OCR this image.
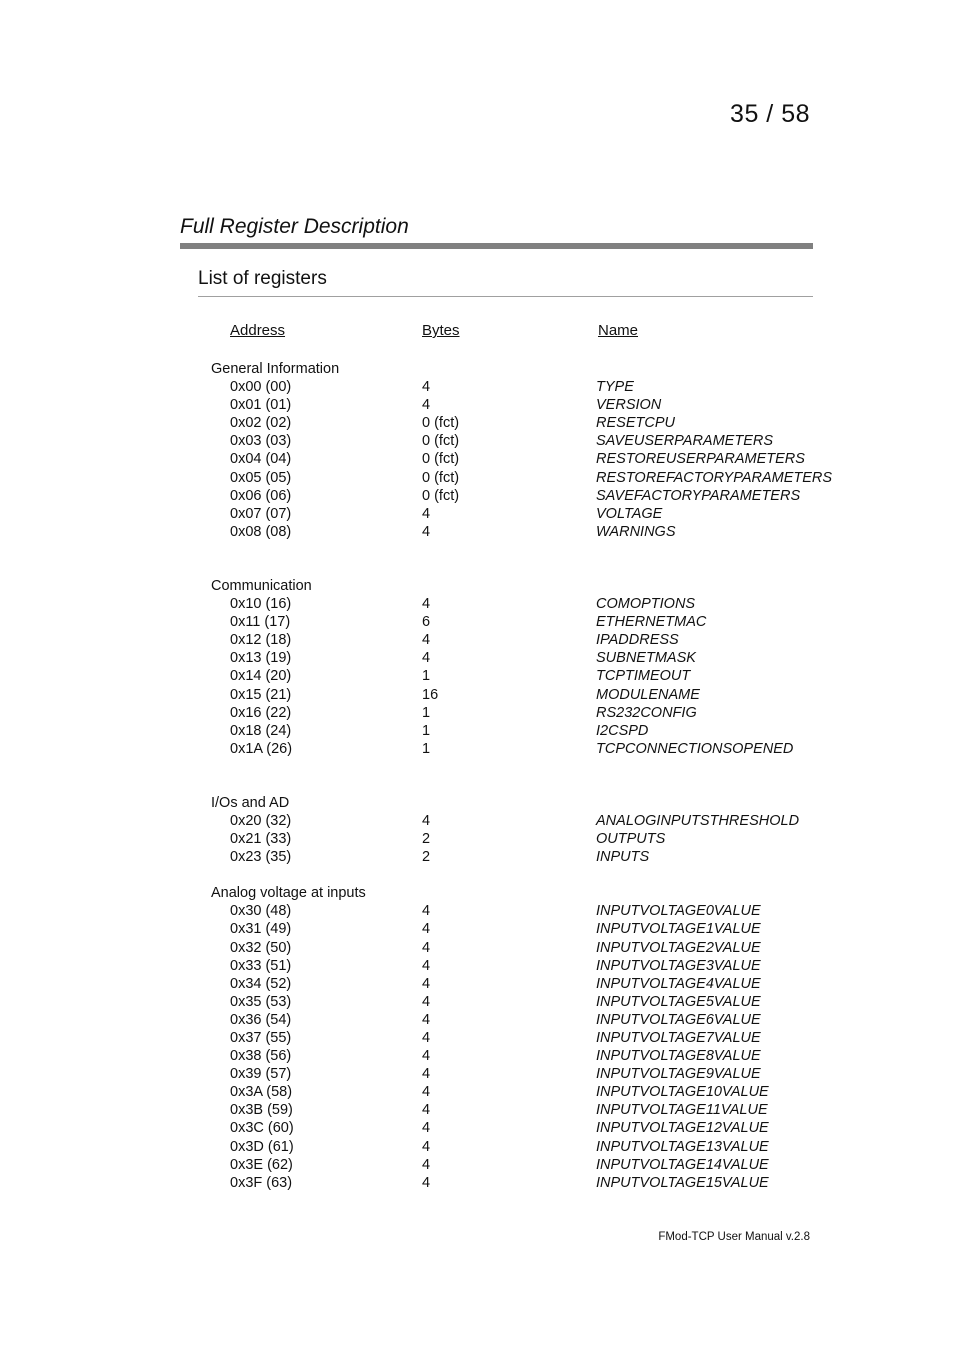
35 / 58
Full Register Description
List of registers
Address	Bytes	Name
General Information
0x00 (00)	4	TYPE
0x01 (01)	4	VERSION
0x02 (02)	0 (fct)	RESETCPU
0x03 (03)	0 (fct)	SAVEUSERPARAMETERS
0x04 (04)	0 (fct)	RESTOREUSERPARAMETERS
0x05 (05)	0 (fct)	RESTOREFACTORYPARAMETERS
0x06 (06)	0 (fct)	SAVEFACTORYPARAMETERS
0x07 (07)	4	VOLTAGE
0x08 (08)	4	WARNINGS
Communication
0x10 (16)	4	COMOPTIONS
0x11 (17)	6	ETHERNETMAC
0x12 (18)	4	IPADDRESS
0x13 (19)	4	SUBNETMASK
0x14 (20)	1	TCPTIMEOUT
0x15 (21)	16	MODULENAME
0x16 (22)	1	RS232CONFIG
0x18 (24)	1	I2CSPD
0x1A (26)	1	TCPCONNECTIONSOPENED
I/Os and AD
0x20 (32)	4	ANALOGINPUTSTHRESHOLD
0x21 (33)	2	OUTPUTS
0x23 (35)	2	INPUTS
Analog voltage at inputs
0x30 (48)	4	INPUTVOLTAGE0VALUE
0x31 (49)	4	INPUTVOLTAGE1VALUE
0x32 (50)	4	INPUTVOLTAGE2VALUE
0x33 (51)	4	INPUTVOLTAGE3VALUE
0x34 (52)	4	INPUTVOLTAGE4VALUE
0x35 (53)	4	INPUTVOLTAGE5VALUE
0x36 (54)	4	INPUTVOLTAGE6VALUE
0x37 (55)	4	INPUTVOLTAGE7VALUE
0x38 (56)	4	INPUTVOLTAGE8VALUE
0x39 (57)	4	INPUTVOLTAGE9VALUE
0x3A (58)	4	INPUTVOLTAGE10VALUE
0x3B (59)	4	INPUTVOLTAGE11VALUE
0x3C (60)	4	INPUTVOLTAGE12VALUE
0x3D (61)	4	INPUTVOLTAGE13VALUE
0x3E (62)	4	INPUTVOLTAGE14VALUE
0x3F (63)	4	INPUTVOLTAGE15VALUE
FMod-TCP User Manual v.2.8
